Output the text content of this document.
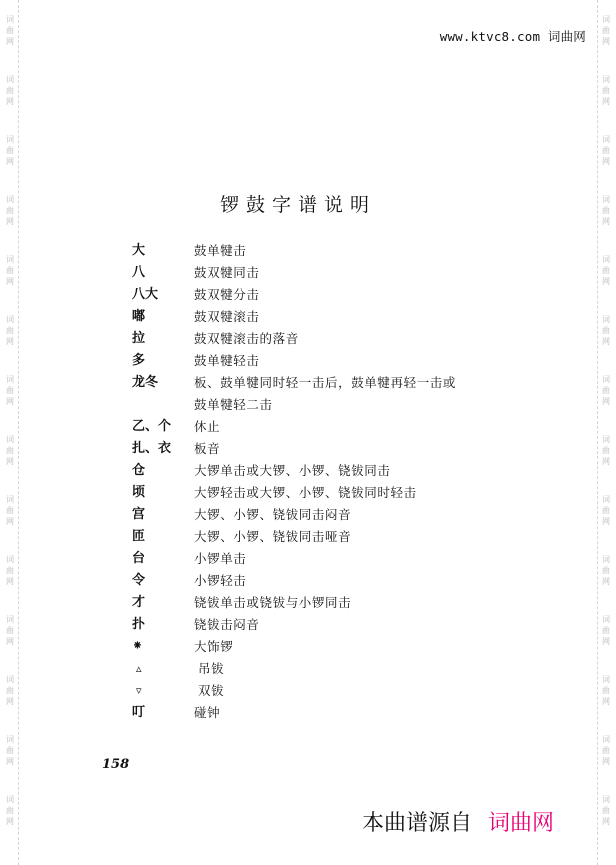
词
曲
网
词
曲
网
词
曲
网
词
曲
网
词
曲
网
词
曲
网
词
曲
网
词
曲
网
词
曲
网
词
曲
网
词
曲
网
词
曲
网
词
曲
网
词
曲
网
词
曲
网
词
曲
网
词
曲
网
词
曲
网
词
曲
网
词
曲
网
词
曲
网
词
曲
网
词
曲
网
词
曲
网
词
曲
网
词
曲
网
词
曲
网
词
曲
网
www.ktvc8.com 词曲网
锣鼓字谱说明
大	鼓单犍击
八	鼓双犍同击
八大	鼓双犍分击
嘟	鼓双犍滚击
拉	鼓双犍滚击的落音
多	鼓单犍轻击
龙冬	板、鼓单犍同时轻一击后，鼓单犍再轻一击或
鼓单犍轻二击
乙、个	休止
扎、衣	板音
仓	大锣单击或大锣、小锣、铙钹同击
顷	大锣轻击或大锣、小锣、铙钹同时轻击
宫	大锣、小锣、铙钹同击闷音
匝	大锣、小锣、铙钹同击哑音
台	小锣单击
令	小锣轻击
才	铙钹单击或铙钹与小锣同击
扑	铙钹击闷音
⁕	大饰锣
▵	吊钹
▿	双钹
叮	碰钟
158
本曲谱源自 词曲网
